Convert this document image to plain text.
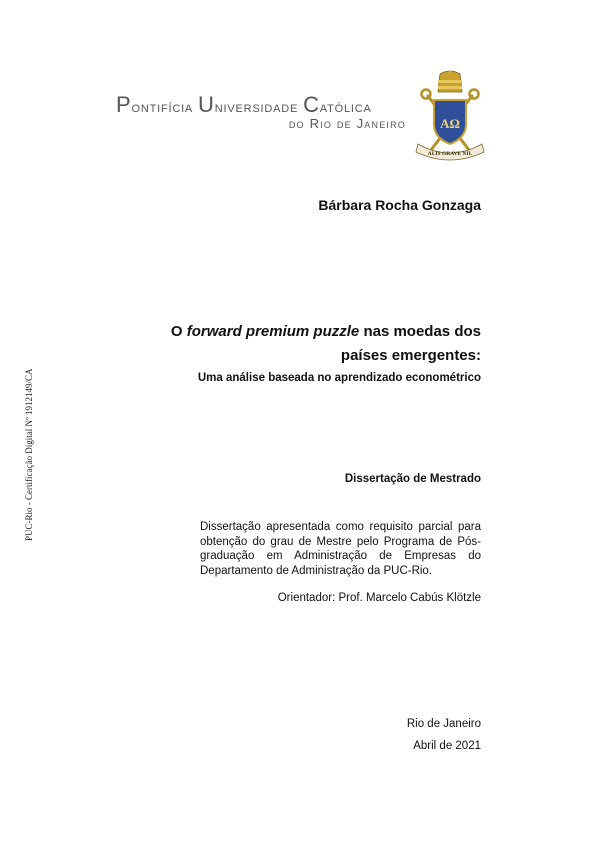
Pontifícia Universidade Católica
do Rio de Janeiro	ΑΩ
ALIS GRAVE NIL
Bárbara Rocha Gonzaga
O forward premium puzzle nas moedas dos países emergentes:
Uma análise baseada no aprendizado econométrico
Dissertação de Mestrado
Dissertação apresentada como requisito parcial para obtenção do grau de Mestre pelo Programa de Pós-graduação em Administração de Empresas do Departamento de Administração da PUC-Rio.
Orientador: Prof. Marcelo Cabús Klötzle
Rio de Janeiro
Abril de 2021
PUC-Rio - Certificação Digital Nº 1912149/CA
